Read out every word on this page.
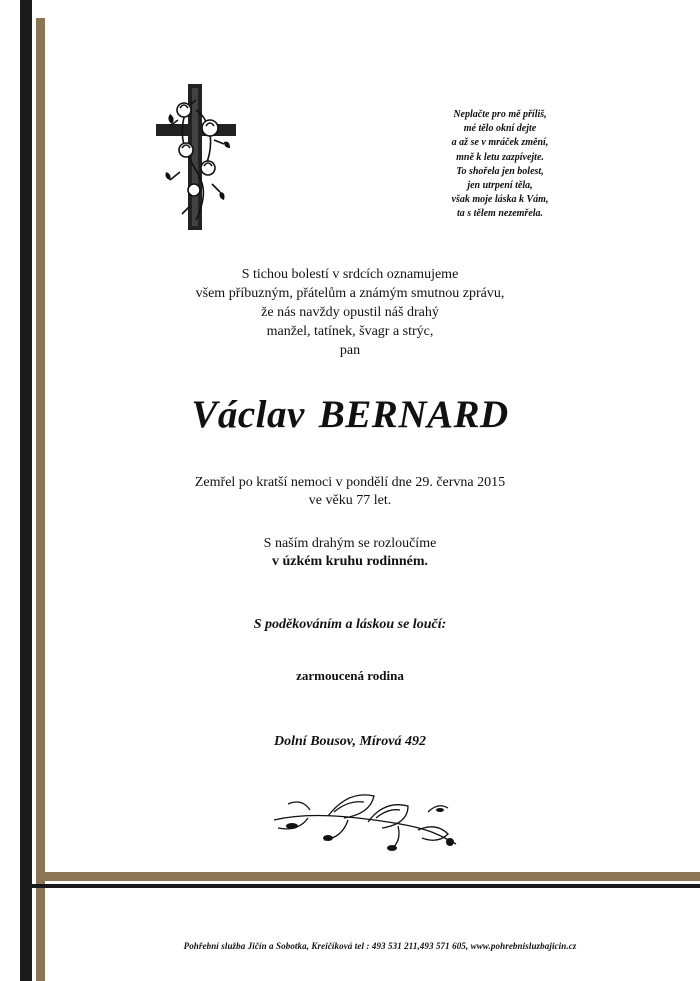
Neplačte pro mě příliš,
mé tělo okní dejte
a až se v mráček změní,
mně k letu zazpívejte.
To shořela jen bolest,
jen utrpení těla,
však moje láska k Vám,
ta s tělem nezemřela.
S tichou bolestí v srdcích oznamujeme
všem příbuzným, přátelům a známým smutnou zprávu,
že nás navždy opustil náš drahý
manžel, tatínek, švagr a strýc,
pan
Václav BERNARD
Zemřel po kratší nemoci v pondělí dne 29. června 2015
ve věku 77 let.
S naším drahým se rozloučíme
v úzkém kruhu rodinném.
S poděkováním a láskou se loučí:
zarmoucená rodina
Dolní Bousov, Mírová 492
Pohřební služba Jičín a Sobotka, Kreičíková tel : 493 531 211,493 571 605, www.pohrebnisluzbajicin.cz
